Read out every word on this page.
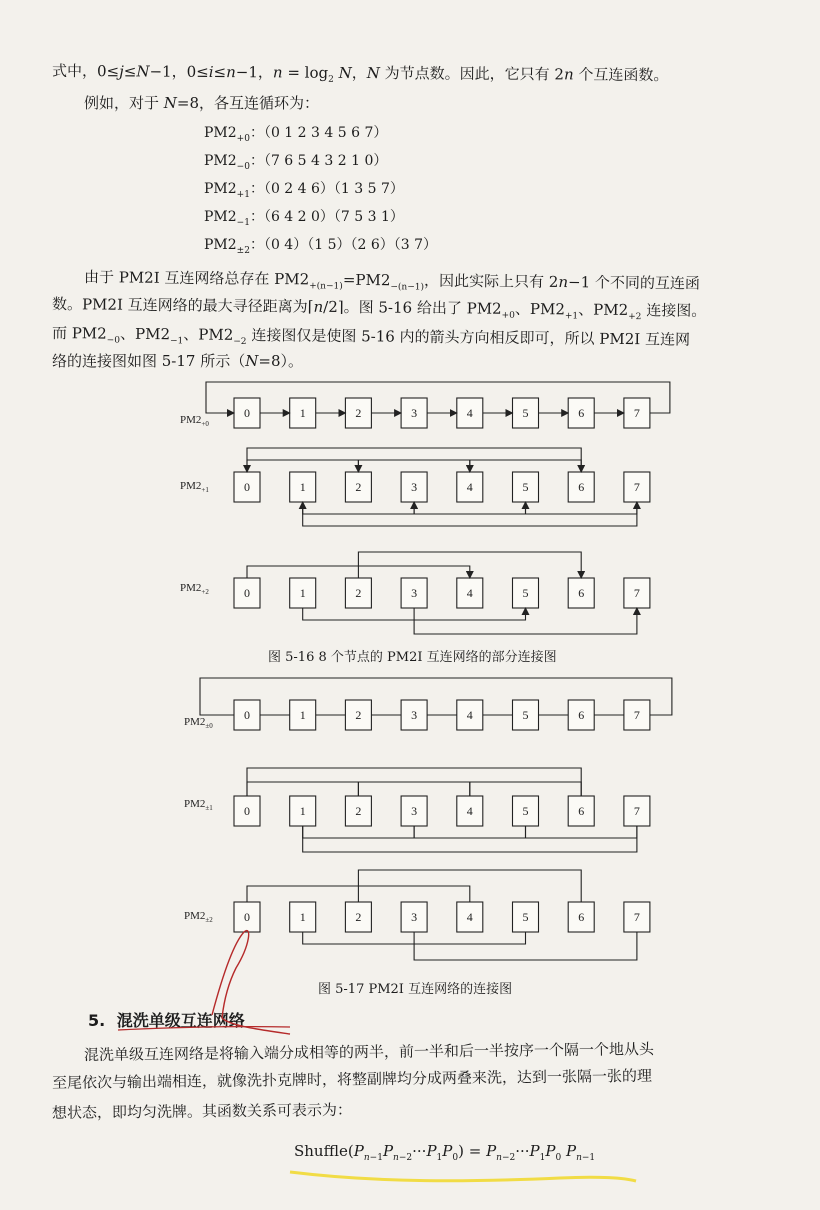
式中，0≤j≤N−1，0≤i≤n−1，$n = \log_2 N$，N 为节点数。因此，它只有 2n 个互连函数。
例如，对于 N=8，各互连循环为：
$PM2_{+0}$：（0 1 2 3 4 5 6 7）
$PM2_{-0}$：（7 6 5 4 3 2 1 0）
$PM2_{+1}$：（0 2 4 6）（1 3 5 7）
$PM2_{-1}$：（6 4 2 0）（7 5 3 1）
$PM2_{\pm 2}$：（0 4）（1 5）（2 6）（3 7）
由于 PM2I 互连网络总存在 $PM2_{+(n-1)}=PM2_{-(n-1)}$，因此实际上只有 2n−1 个不同的互连函
数。PM2I 互连网络的最大寻径距离为⌈n/2⌉。图 5-16 给出了 $PM2_{+0}$、$PM2_{+1}$、$PM2_{+2}$ 连接图。
而 $PM2_{-0}$、$PM2_{-1}$、$PM2_{-2}$ 连接图仅是使图 5-16 内的箭头方向相反即可，所以 PM2I 互连网
络的连接图如图 5-17 所示（N=8）。
0	1	2	3	4	5	6	7
$PM2_{+0}$
0	1	2	3	4	5	6	7
$PM2_{+1}$
0	1	2	3	4	5	6	7
$PM2_{+2}$
0	1	2	3	4	5	6	7
$PM2_{\pm 0}$
0	1	2	3	4	5	6	7
$PM2_{\pm 1}$
0	1	2	3	4	5	6	7
$PM2_{\pm 2}$
图 5-16 8 个节点的 PM2I 互连网络的部分连接图
图 5-17 PM2I 互连网络的连接图
5. 混洗单级互连网络
混洗单级互连网络是将输入端分成相等的两半，前一半和后一半按序一个隔一个地从头
至尾依次与输出端相连，就像洗扑克牌时，将整副牌均分成两叠来洗，达到一张隔一张的理
想状态，即均匀洗牌。其函数关系可表示为：
$Shuffle(P_{n-1}P_{n-2}\cdot\cdot\cdot P_1P_0) = P_{n-2}\cdot\cdot\cdot P_1P_0$ $P_{n-1}$
